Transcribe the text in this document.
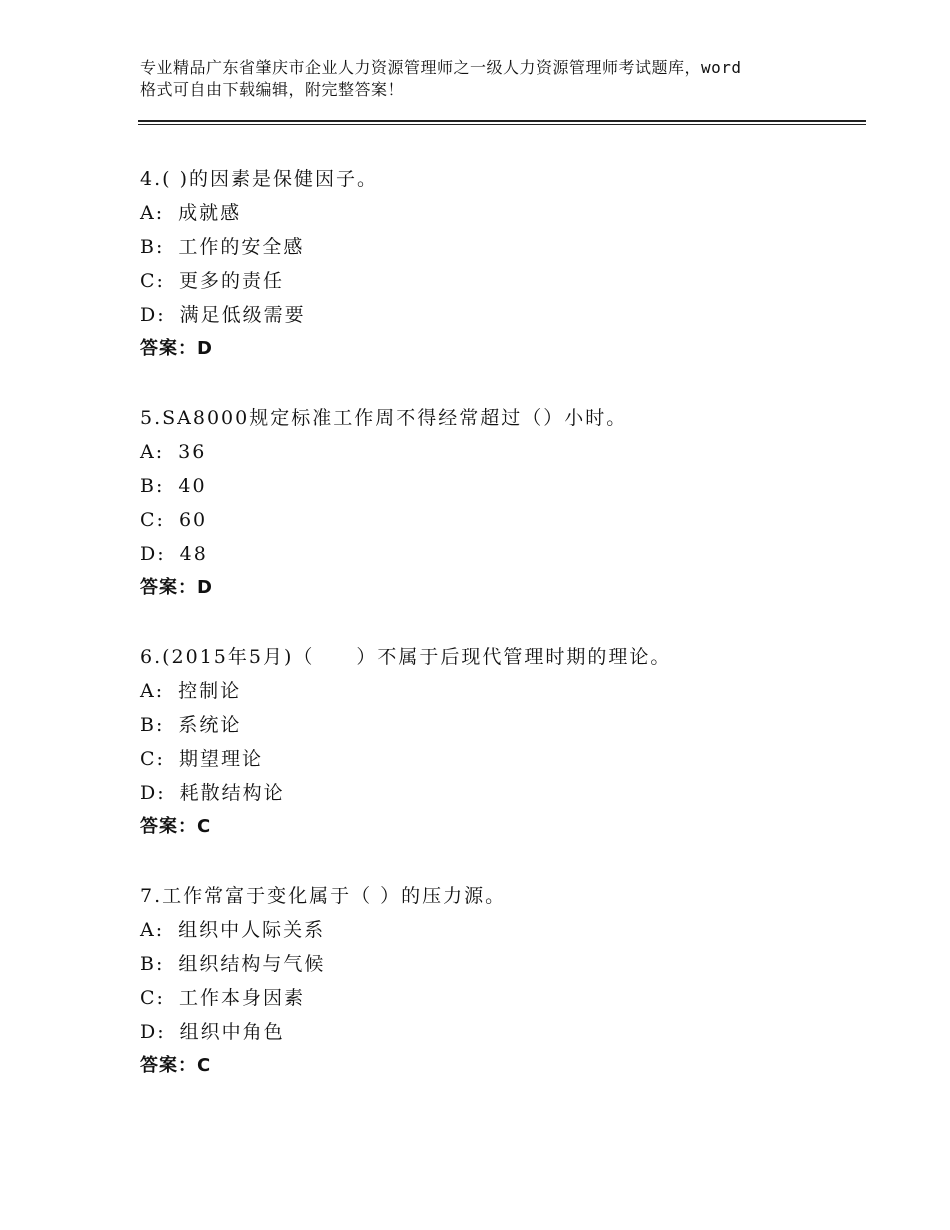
专业精品广东省肇庆市企业人力资源管理师之一级人力资源管理师考试题库，word
格式可自由下载编辑，附完整答案！
4.( )的因素是保健因子。
A: 成就感
B: 工作的安全感
C: 更多的责任
D: 满足低级需要
答案：D
5.SA8000规定标准工作周不得经常超过（）小时。
A: 36
B: 40
C: 60
D: 48
答案：D
6.(2015年5月)（　　）不属于后现代管理时期的理论。
A: 控制论
B: 系统论
C: 期望理论
D: 耗散结构论
答案：C
7.工作常富于变化属于（ ）的压力源。
A: 组织中人际关系
B: 组织结构与气候
C: 工作本身因素
D: 组织中角色
答案：C
